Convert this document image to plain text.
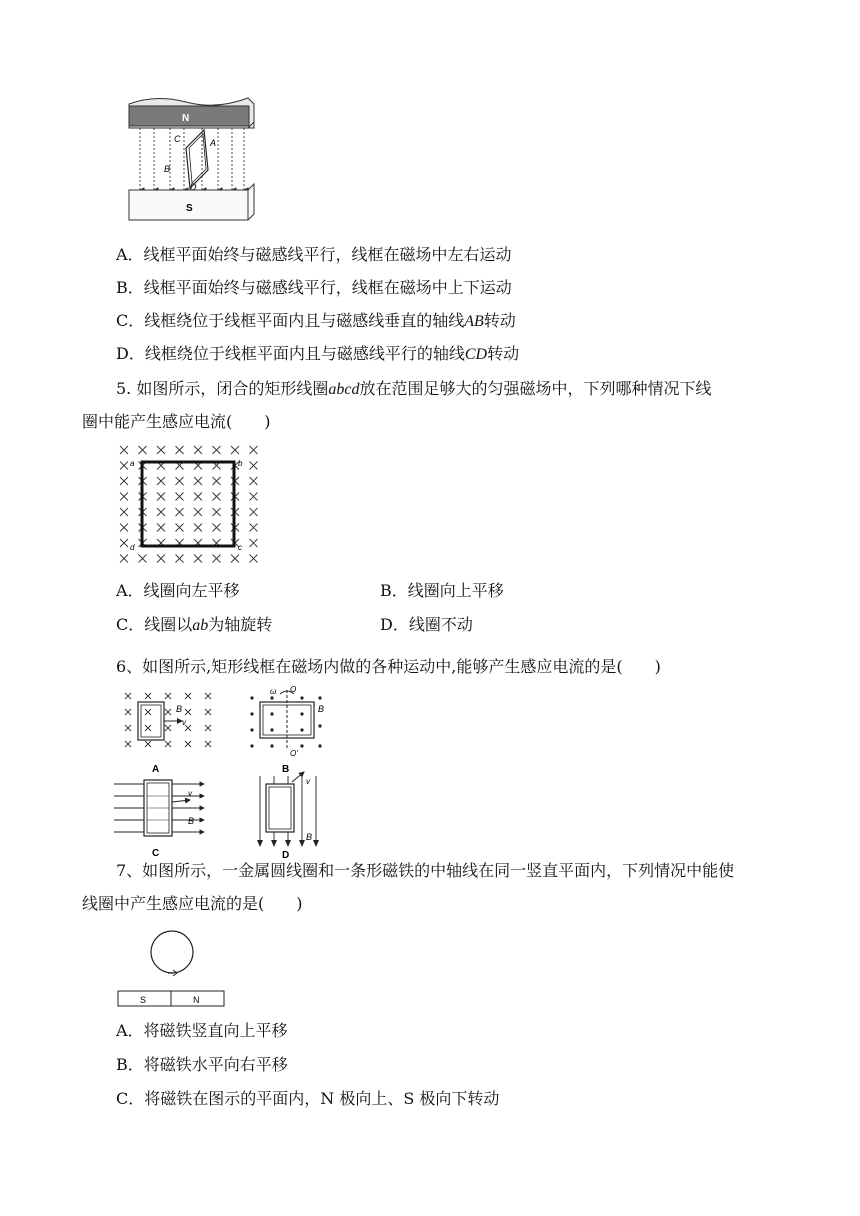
N
C	A
B
D
S
A．线框平面始终与磁感线平行，线框在磁场中左右运动
B．线框平面始终与磁感线平行，线框在磁场中上下运动
C．线框绕位于线框平面内且与磁感线垂直的轴线AB转动
D．线框绕位于线框平面内且与磁感线平行的轴线CD转动
5. 如图所示，闭合的矩形线圈abcd放在范围足够大的匀强磁场中，下列哪种情况下线
圈中能产生感应电流(　　)
a	b
d	c
A．线圈向左平移	B．线圈向上平移
C．线圈以ab为轴旋转	D．线圈不动
6、如图所示,矩形线框在磁场内做的各种运动中,能够产生感应电流的是(　　)
v
B
A
O
ω
O′
B
B
v
B
C
v
B
D
7、如图所示，一金属圆线圈和一条形磁铁的中轴线在同一竖直平面内，下列情况中能使
线圈中产生感应电流的是(　　)
S	N
A．将磁铁竖直向上平移
B．将磁铁水平向右平移
C．将磁铁在图示的平面内，N 极向上、S 极向下转动
